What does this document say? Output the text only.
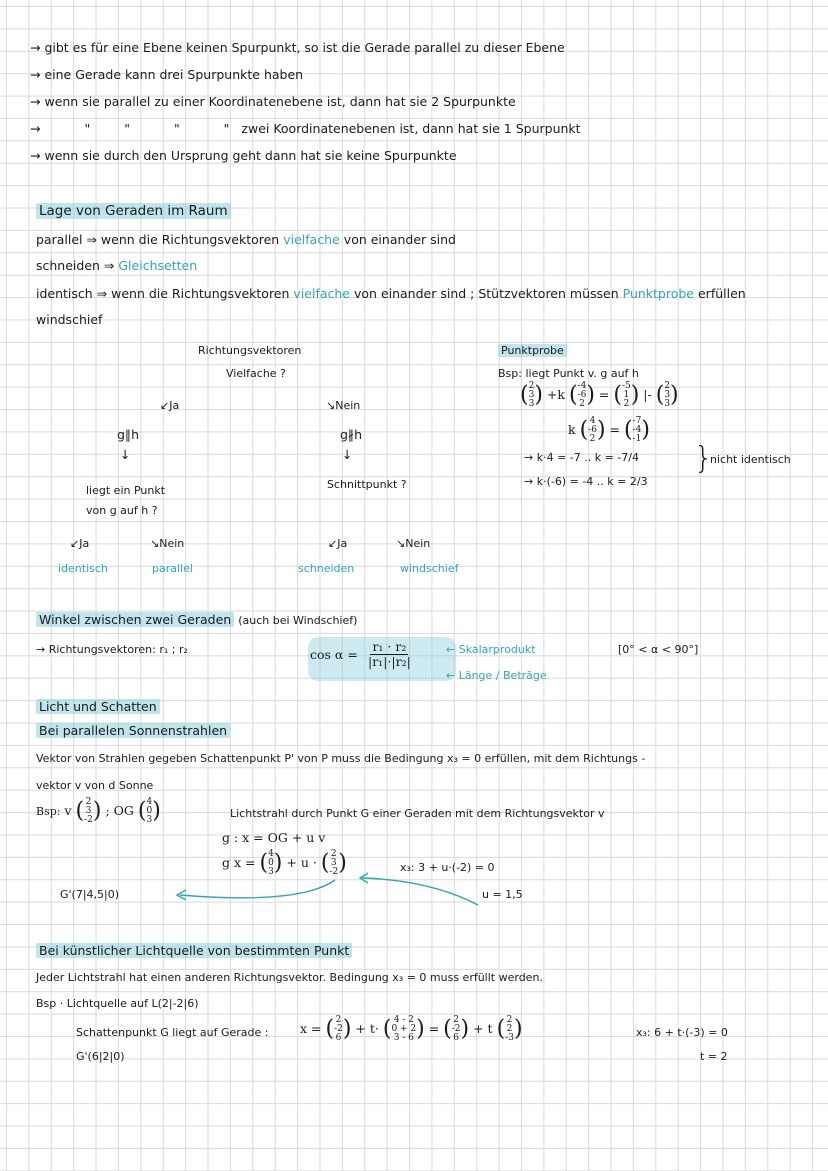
→ gibt es für eine Ebene keinen Spurpunkt, so ist die Gerade parallel zu dieser Ebene
→ eine Gerade kann drei Spurpunkte haben
→ wenn sie parallel zu einer Koordinatenebene ist, dann hat sie 2 Spurpunkte
→	"	"	"	" zwei Koordinatenebenen ist, dann hat sie 1 Spurpunkt
→ wenn sie durch den Ursprung geht dann hat sie keine Spurpunkte
Lage von Geraden im Raum
parallel ⇒ wenn die Richtungsvektoren vielfache von einander sind
schneiden ⇒ Gleichsetten
identisch ⇒ wenn die Richtungsvektoren vielfache von einander sind ; Stützvektoren müssen Punktprobe erfüllen
windschief
Richtungsvektoren
Vielfache ?
↙Ja	↘Nein
g∥h
↓
g∦h
↓
liegt ein Punkt
von g auf h ?
Schnittpunkt ?
↙Ja	↘Nein	↙Ja	↘Nein
identisch	parallel	schneiden	windschief
Punktprobe
Bsp: liegt Punkt v. g auf h
( 2
3
3 ) +k ( -4
-6
2 ) = ( -5
1
2 ) |- ( 2
3
3 )
k ( 4
-6
2 ) = ( -7
-4
-1 )
→ k·4 = -7 .. k = -7/4
→ k·(-6) = -4 .. k = 2/3
}
nicht identisch
Winkel zwischen zwei Geraden (auch bei Windschief)
→ Richtungsvektoren: r₁ ; r₂	$\cos \alpha = \frac{\text{r₁ · r₂}}{\text{|r₁|·|r₂|}}$	← Skalarprodukt
← Länge / Beträge
[0° < α < 90°]
Licht und Schatten
Bei parallelen Sonnenstrahlen
Vektor von Strahlen gegeben Schattenpunkt P' von P muss die Bedingung x₃ = 0 erfüllen, mit dem Richtungs -
vektor v von d Sonne
Bsp: v ( 2
3
-2 ) ; OG ( 4
0
3 )	Lichtstrahl durch Punkt G einer Geraden mit dem Richtungsvektor v
g : x = OG + u v
g x = ( 4
0
3 ) + u · ( 2
3
-2 )	x₃: 3 + u·(-2) = 0
u = 1,5
G'(7|4,5|0)
Bei künstlicher Lichtquelle von bestimmten Punkt
Jeder Lichtstrahl hat einen anderen Richtungsvektor. Bedingung x₃ = 0 muss erfüllt werden.
Bsp · Lichtquelle auf L(2|-2|6)
Schattenpunkt G liegt auf Gerade :	x = ( 2
-2
6 ) + t· ( 4 - 2
0 + 2
3 - 6 ) = ( 2
-2
6 ) + t ( 2
2
-3 )	x₃: 6 + t·(-3) = 0
t = 2
G'(6|2|0)
